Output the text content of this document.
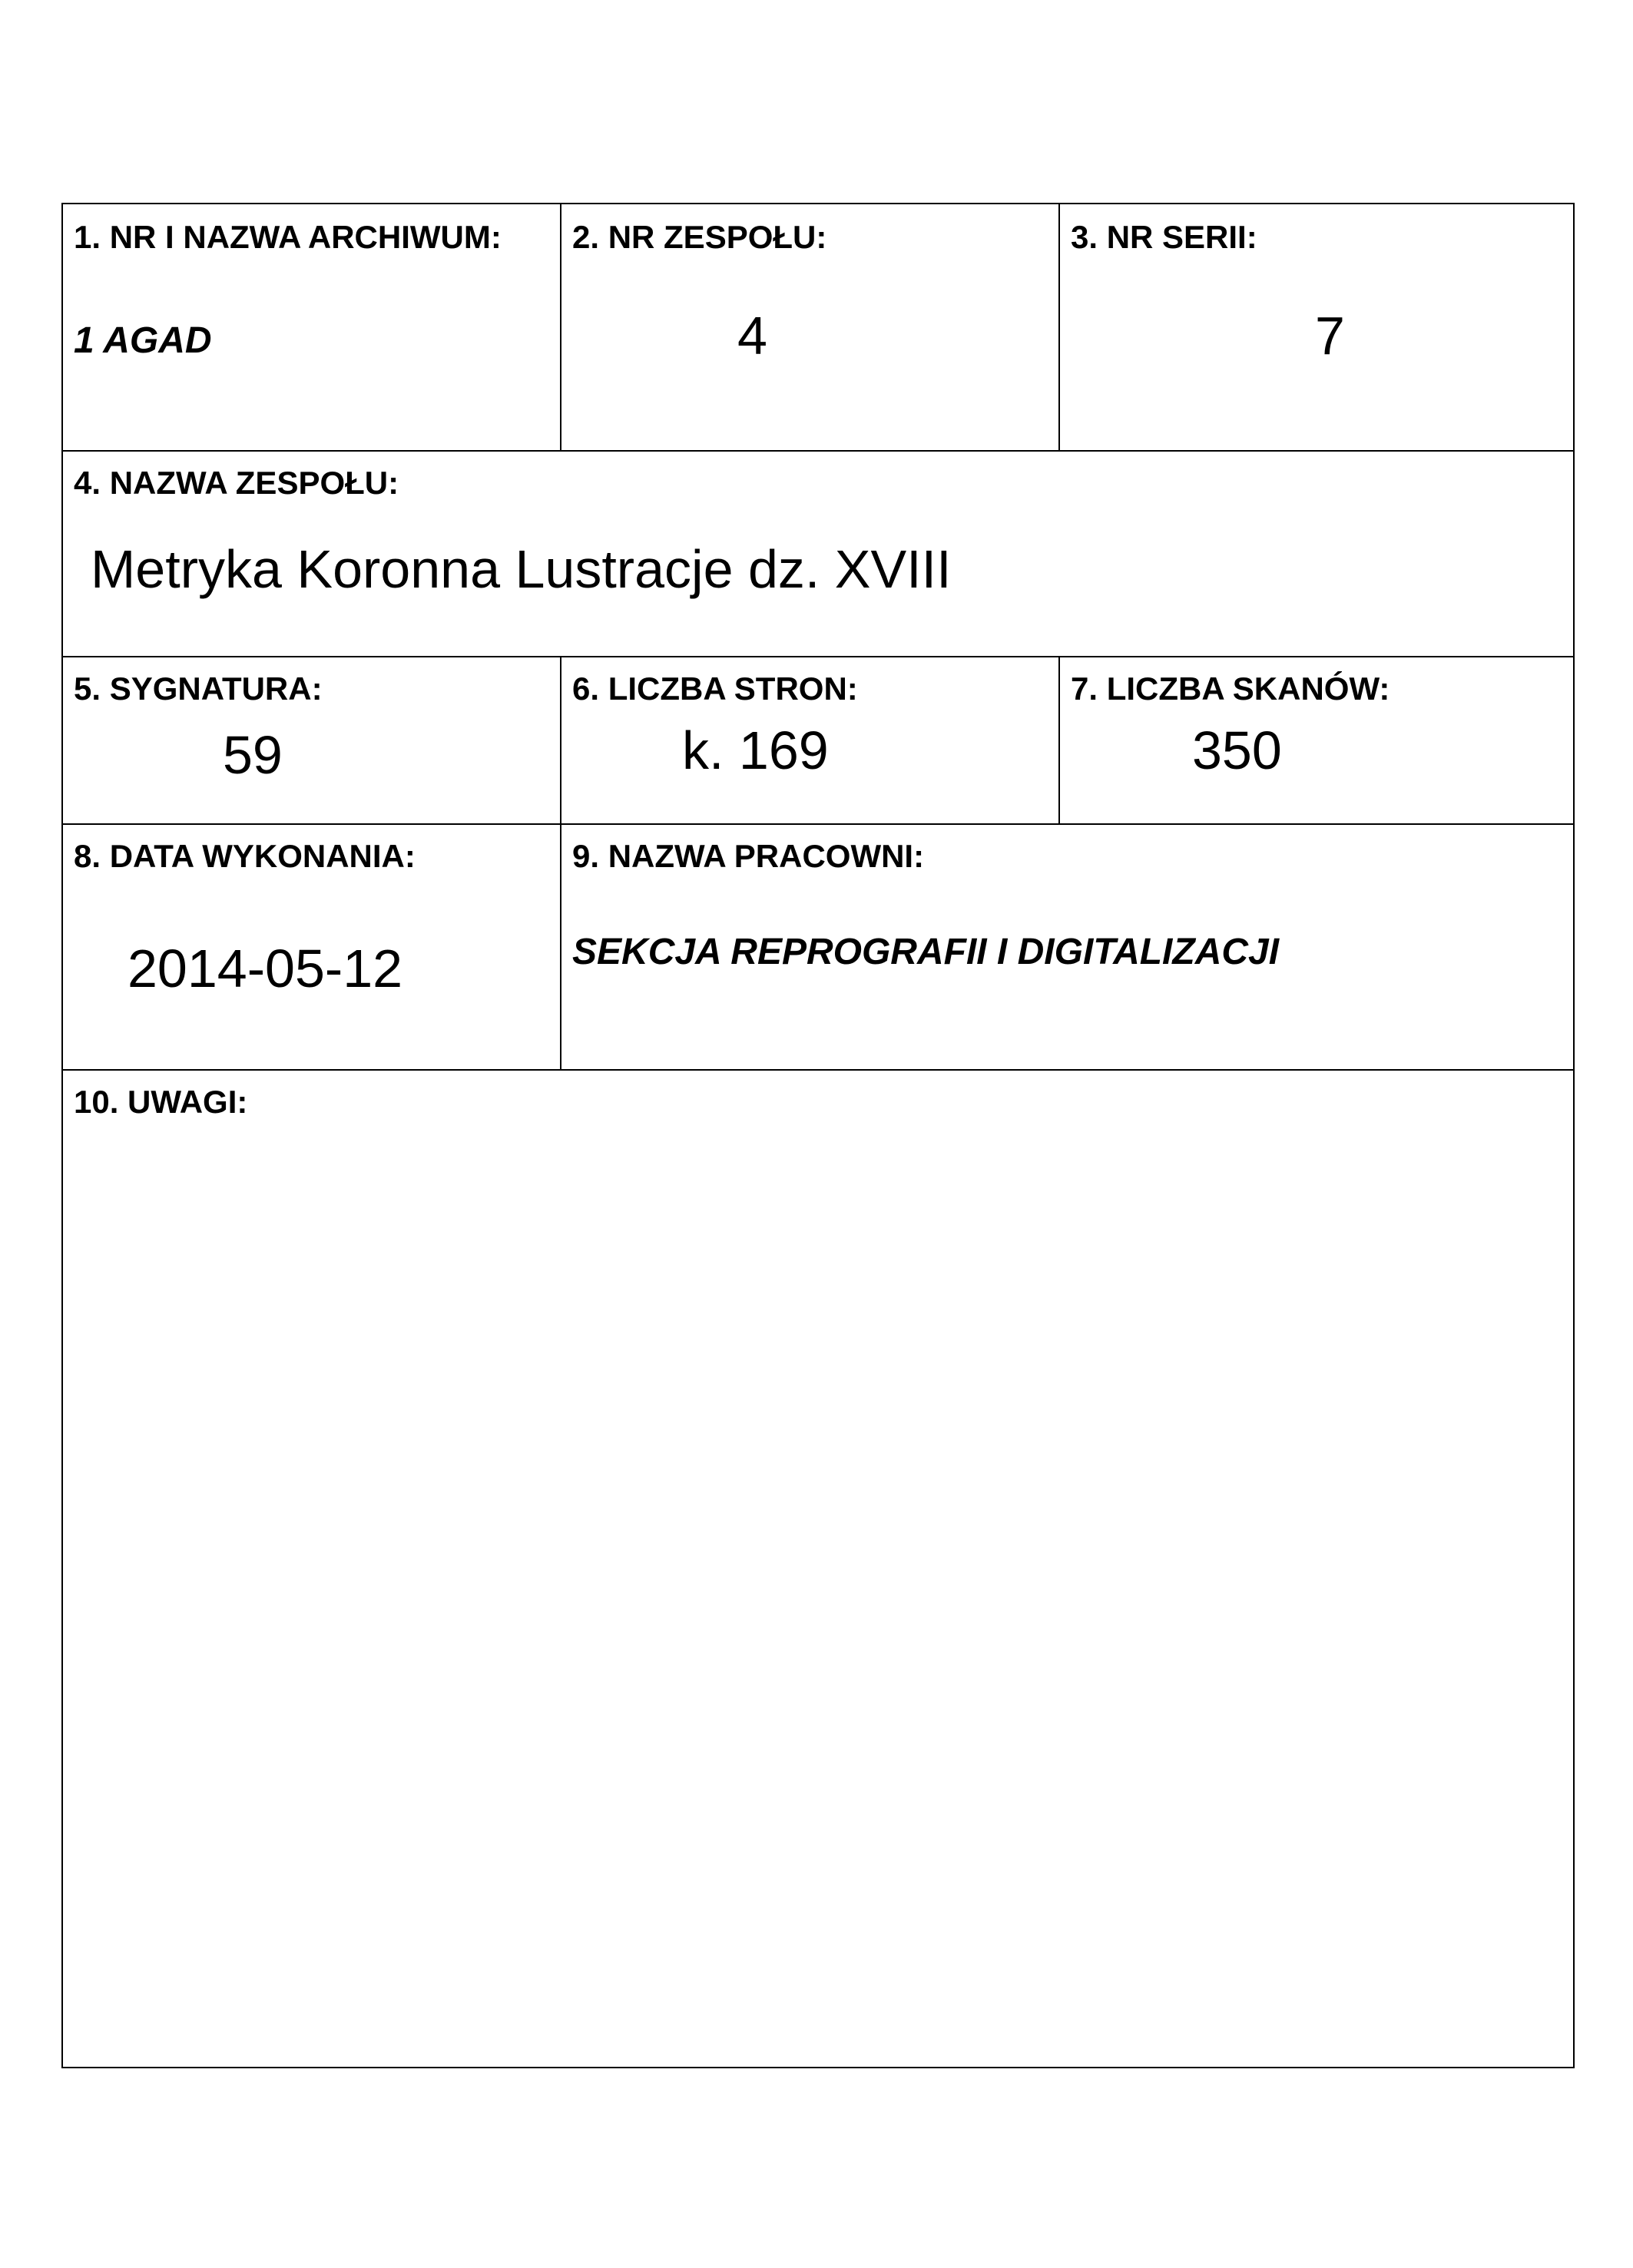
1. NR I NAZWA ARCHIWUM:
1 AGAD
2. NR ZESPOŁU:
4
3. NR SERII:
7
4. NAZWA ZESPOŁU:
Metryka Koronna Lustracje dz. XVIII
5. SYGNATURA:
59
6. LICZBA STRON:
k. 169
7. LICZBA SKANÓW:
350
8. DATA WYKONANIA:
2014-05-12
9. NAZWA PRACOWNI:
SEKCJA REPROGRAFII I DIGITALIZACJI
10. UWAGI:
